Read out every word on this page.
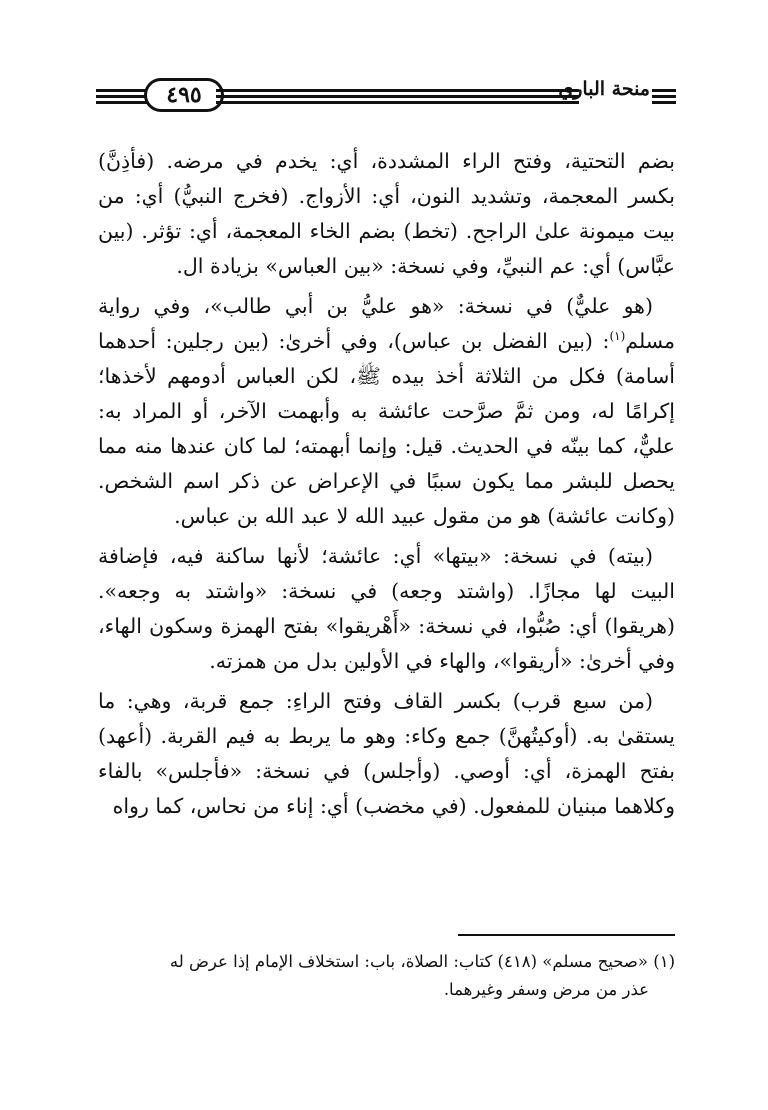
٤٩٥	منحة الباري

بضم التحتية، وفتح الراء المشددة، أي: يخدم في مرضه. (فأذِنَّ) بكسر المعجمة، وتشديد النون، أي: الأزواج. (فخرج النبيُّ) أي: من بيت ميمونة علىٰ الراجح. (تخط) بضم الخاء المعجمة، أي: تؤثر. (بين عبَّاس) أي: عم النبيِّ، وفي نسخة: «بين العباس» بزيادة ال.

(هو عليٌّ) في نسخة: «هو عليُّ بن أبي طالب»، وفي رواية مسلم$^{(١)}$: (بين الفضل بن عباس)، وفي أخرىٰ: (بين رجلين: أحدهما أسامة) فكل من الثلاثة أخذ بيده ﷺ، لكن العباس أدومهم لأخذها؛ إكرامًا له، ومن ثمَّ صرَّحت عائشة به وأبهمت الآخر، أو المراد به: عليٌّ، كما بينّه في الحديث. قيل: وإنما أبهمته؛ لما كان عندها منه مما يحصل للبشر مما يكون سببًا في الإعراض عن ذكر اسم الشخص. (وكانت عائشة) هو من مقول عبيد الله لا عبد الله بن عباس.

(بيته) في نسخة: «بيتها» أي: عائشة؛ لأنها ساكنة فيه، فإضافة البيت لها مجازًا. (واشتد وجعه) في نسخة: «واشتد به وجعه». (هريقوا) أي: صُبُّوا، في نسخة: «أَهْريقوا» بفتح الهمزة وسكون الهاء، وفي أخرىٰ: «أريقوا»، والهاء في الأولين بدل من همزته.

(من سبع قرب) بكسر القاف وفتح الراءِ: جمع قربة، وهي: ما يستقىٰ به. (أوكيتُهنَّ) جمع وكاء: وهو ما يربط به فيم القربة. (أعهد) بفتح الهمزة، أي: أوصي. (وأجلس) في نسخة: «فأجلس» بالفاء وكلاهما مبنيان للمفعول. (في مخضب) أي: إناء من نحاس، كما رواه

(١) «صحيح مسلم» (٤١٨) كتاب: الصلاة، باب: استخلاف الإمام إذا عرض له
عذر من مرض وسفر وغيرهما.
